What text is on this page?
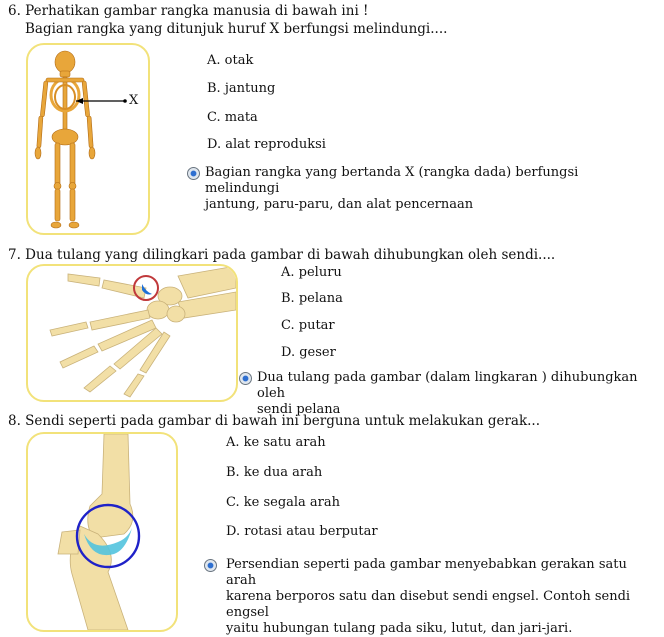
6. Perhatikan gambar rangka manusia di bawah ini !
Bagian rangka yang ditunjuk huruf X berfungsi melindungi....
X
A. otak
B. jantung
C. mata
D. alat reproduksi
Bagian rangka yang bertanda X (rangka dada) berfungsi melindungi
jantung, paru-paru, dan alat pencernaan
7. Dua tulang yang dilingkari pada gambar di bawah dihubungkan oleh sendi....
A. peluru
B. pelana
C. putar
D. geser
Dua tulang pada gambar (dalam lingkaran ) dihubungkan oleh
sendi pelana
8. Sendi seperti pada gambar di bawah ini berguna untuk melakukan gerak...
A. ke satu arah
B. ke dua arah
C. ke segala arah
D. rotasi atau berputar
Persendian seperti pada gambar menyebabkan gerakan satu arah
karena berporos satu dan disebut sendi engsel. Contoh sendi engsel
yaitu hubungan tulang pada siku, lutut, dan jari-jari.
